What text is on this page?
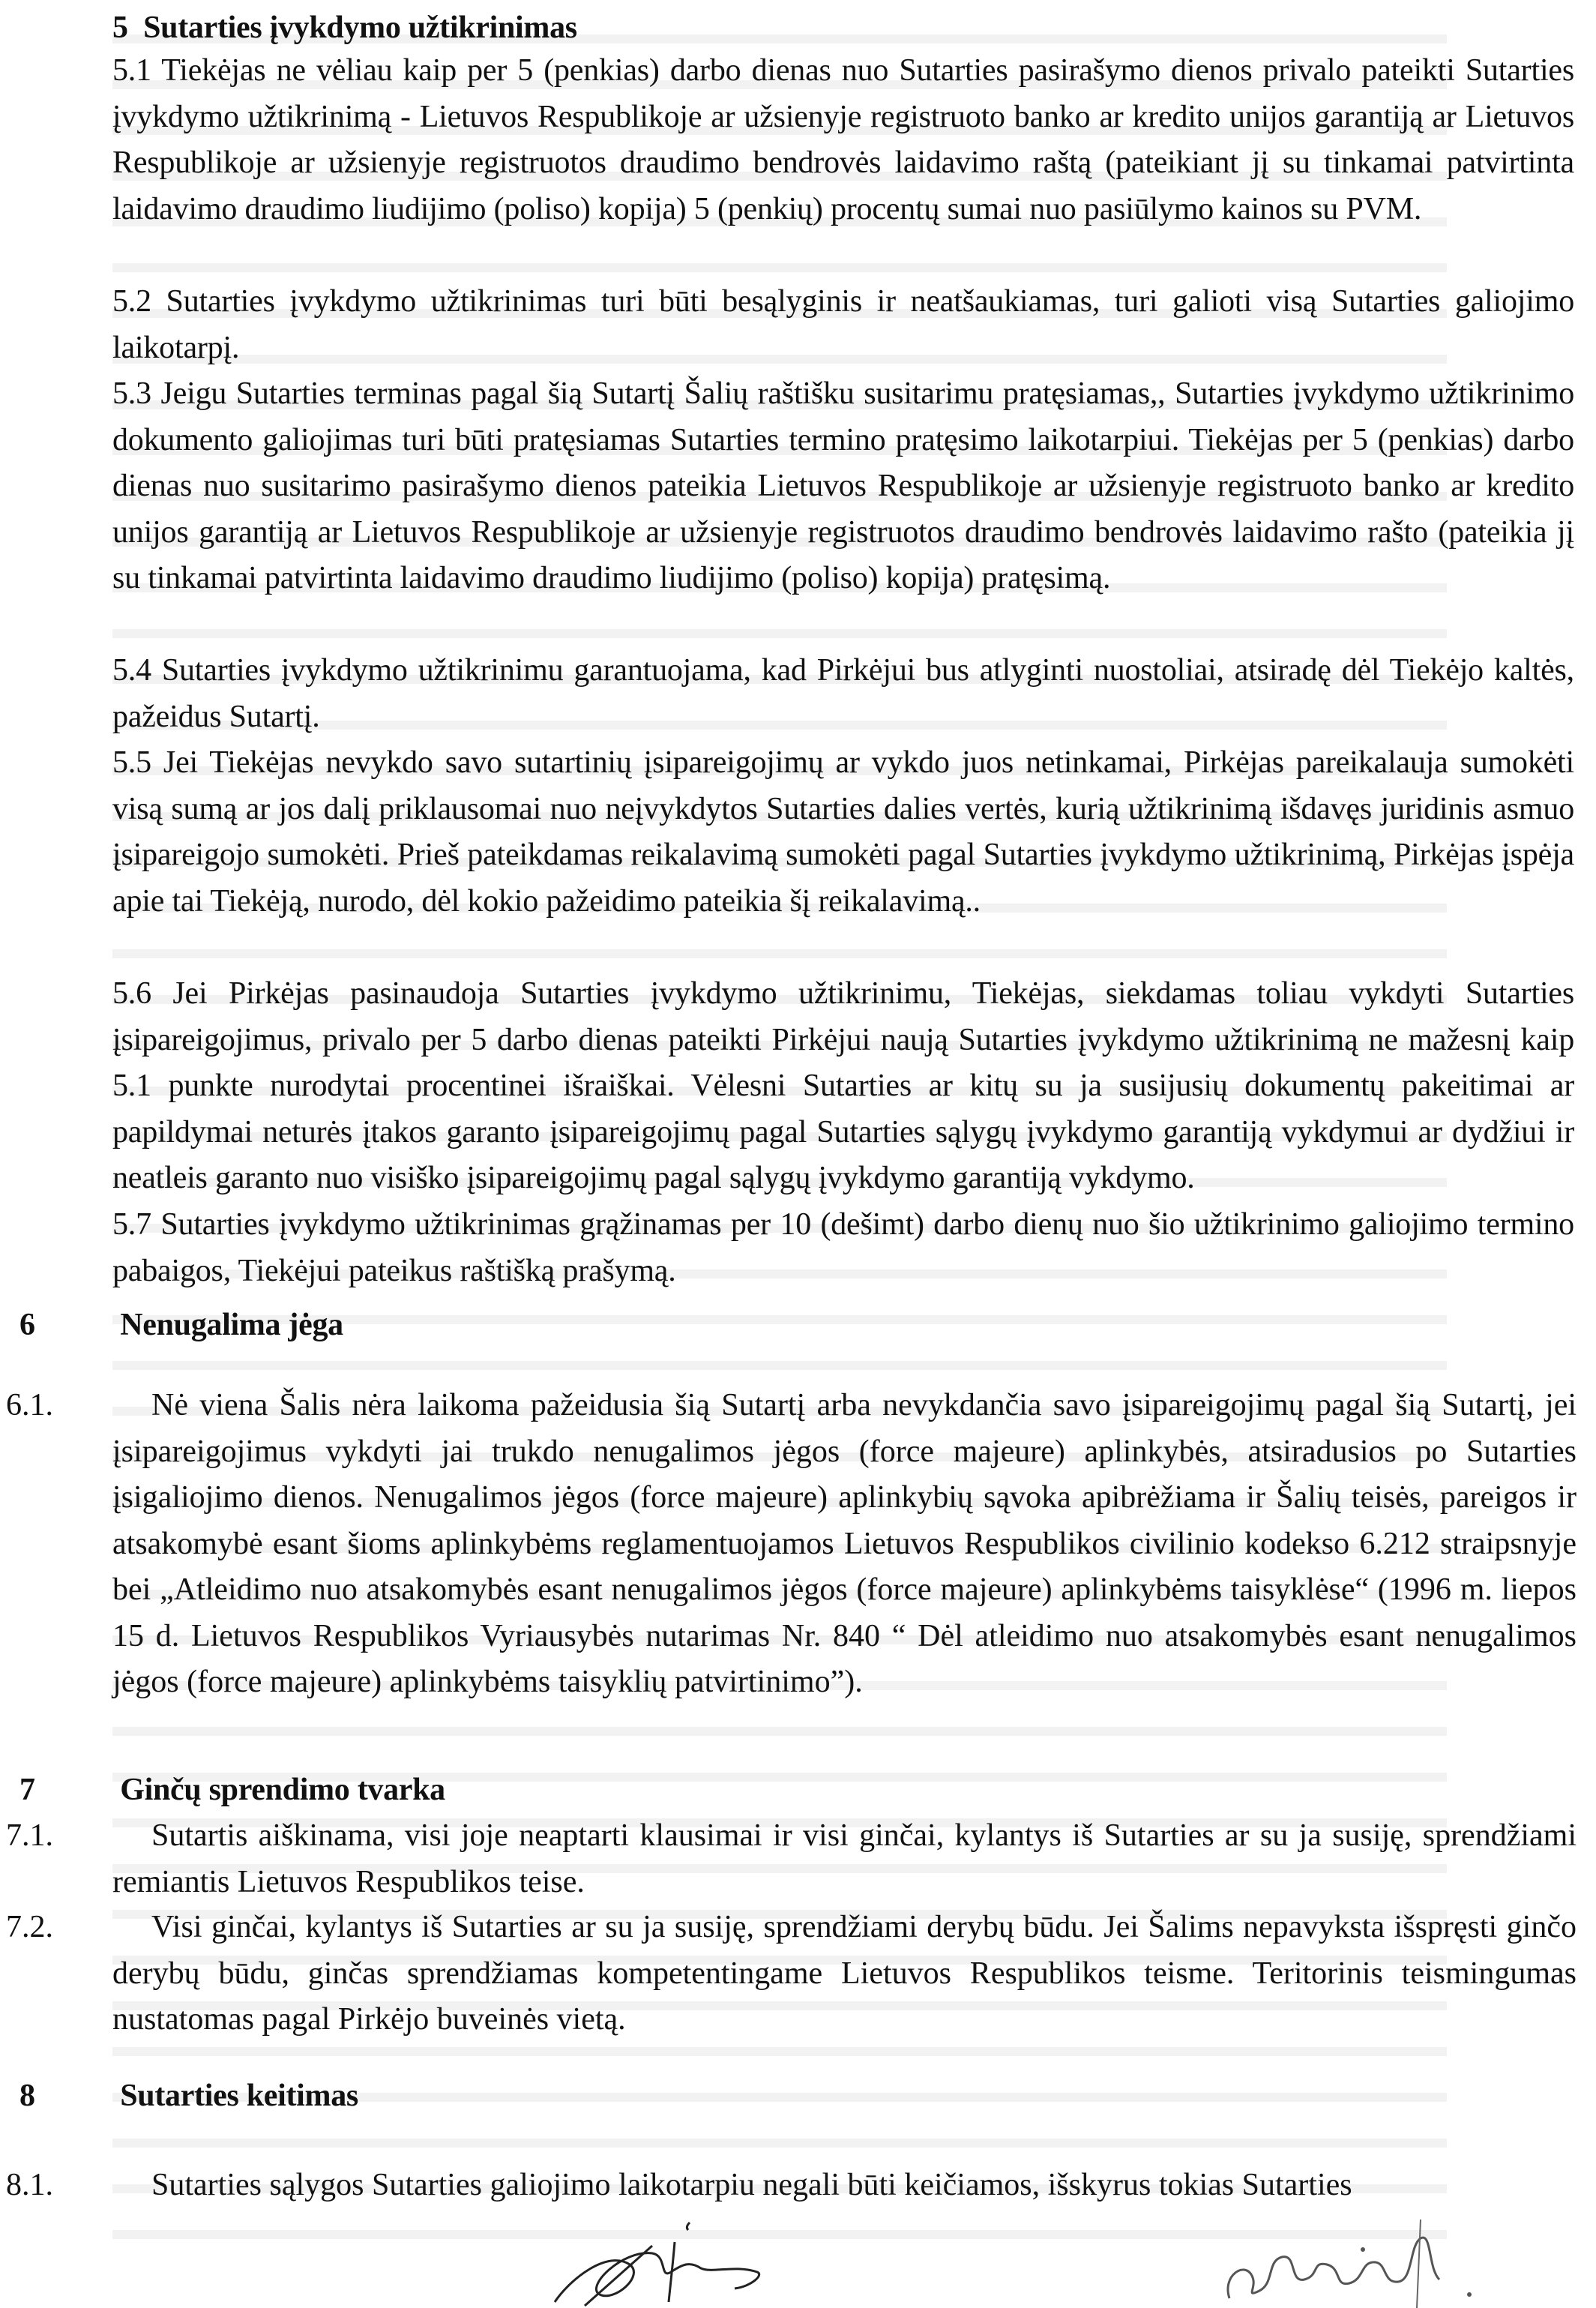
5 Sutarties įvykdymo užtikrinimas
5.1 Tiekėjas ne vėliau kaip per 5 (penkias) darbo dienas nuo Sutarties pasirašymo dienos privalo pateikti Sutarties įvykdymo užtikrinimą - Lietuvos Respublikoje ar užsienyje registruoto banko ar kredito unijos garantiją ar Lietuvos Respublikoje ar užsienyje registruotos draudimo bendrovės laidavimo raštą (pateikiant jį su tinkamai patvirtinta laidavimo draudimo liudijimo (poliso) kopija) 5 (penkių) procentų sumai nuo pasiūlymo kainos su PVM.
5.2 Sutarties įvykdymo užtikrinimas turi būti besąlyginis ir neatšaukiamas, turi galioti visą Sutarties galiojimo laikotarpį.
5.3 Jeigu Sutarties terminas pagal šią Sutartį Šalių raštišku susitarimu pratęsiamas,, Sutarties įvykdymo užtikrinimo dokumento galiojimas turi būti pratęsiamas Sutarties termino pratęsimo laikotarpiui. Tiekėjas per 5 (penkias) darbo dienas nuo susitarimo pasirašymo dienos pateikia Lietuvos Respublikoje ar užsienyje registruoto banko ar kredito unijos garantiją ar Lietuvos Respublikoje ar užsienyje registruotos draudimo bendrovės laidavimo rašto (pateikia jį su tinkamai patvirtinta laidavimo draudimo liudijimo (poliso) kopija) pratęsimą.
5.4 Sutarties įvykdymo užtikrinimu garantuojama, kad Pirkėjui bus atlyginti nuostoliai, atsiradę dėl Tiekėjo kaltės, pažeidus Sutartį.
5.5 Jei Tiekėjas nevykdo savo sutartinių įsipareigojimų ar vykdo juos netinkamai, Pirkėjas pareikalauja sumokėti visą sumą ar jos dalį priklausomai nuo neįvykdytos Sutarties dalies vertės, kurią užtikrinimą išdavęs juridinis asmuo įsipareigojo sumokėti. Prieš pateikdamas reikalavimą sumokėti pagal Sutarties įvykdymo užtikrinimą, Pirkėjas įspėja apie tai Tiekėją, nurodo, dėl kokio pažeidimo pateikia šį reikalavimą..
5.6 Jei Pirkėjas pasinaudoja Sutarties įvykdymo užtikrinimu, Tiekėjas, siekdamas toliau vykdyti Sutarties įsipareigojimus, privalo per 5 darbo dienas pateikti Pirkėjui naują Sutarties įvykdymo užtikrinimą ne mažesnį kaip 5.1 punkte nurodytai procentinei išraiškai. Vėlesni Sutarties ar kitų su ja susijusių dokumentų pakeitimai ar papildymai neturės įtakos garanto įsipareigojimų pagal Sutarties sąlygų įvykdymo garantiją vykdymui ar dydžiui ir neatleis garanto nuo visiško įsipareigojimų pagal sąlygų įvykdymo garantiją vykdymo.
5.7 Sutarties įvykdymo užtikrinimas grąžinamas per 10 (dešimt) darbo dienų nuo šio užtikrinimo galiojimo termino pabaigos, Tiekėjui pateikus raštišką prašymą.
6	Nenugalima jėga
6.1.	Nė viena Šalis nėra laikoma pažeidusia šią Sutartį arba nevykdančia savo įsipareigojimų pagal šią Sutartį, jei įsipareigojimus vykdyti jai trukdo nenugalimos jėgos (force majeure) aplinkybės, atsiradusios po Sutarties įsigaliojimo dienos. Nenugalimos jėgos (force majeure) aplinkybių sąvoka apibrėžiama ir Šalių teisės, pareigos ir atsakomybė esant šioms aplinkybėms reglamentuojamos Lietuvos Respublikos civilinio kodekso 6.212 straipsnyje bei „Atleidimo nuo atsakomybės esant nenugalimos jėgos (force majeure) aplinkybėms taisyklėse“ (1996 m. liepos 15 d. Lietuvos Respublikos Vyriausybės nutarimas Nr. 840 “ Dėl atleidimo nuo atsakomybės esant nenugalimos jėgos (force majeure) aplinkybėms taisyklių patvirtinimo”).
7	Ginčų sprendimo tvarka
7.1.	Sutartis aiškinama, visi joje neaptarti klausimai ir visi ginčai, kylantys iš Sutarties ar su ja susiję, sprendžiami remiantis Lietuvos Respublikos teise.
7.2.	Visi ginčai, kylantys iš Sutarties ar su ja susiję, sprendžiami derybų būdu. Jei Šalims nepavyksta išspręsti ginčo derybų būdu, ginčas sprendžiamas kompetentingame Lietuvos Respublikos teisme. Teritorinis teismingumas nustatomas pagal Pirkėjo buveinės vietą.
8	Sutarties keitimas
8.1.	Sutarties sąlygos Sutarties galiojimo laikotarpiu negali būti keičiamos, išskyrus tokias Sutarties
